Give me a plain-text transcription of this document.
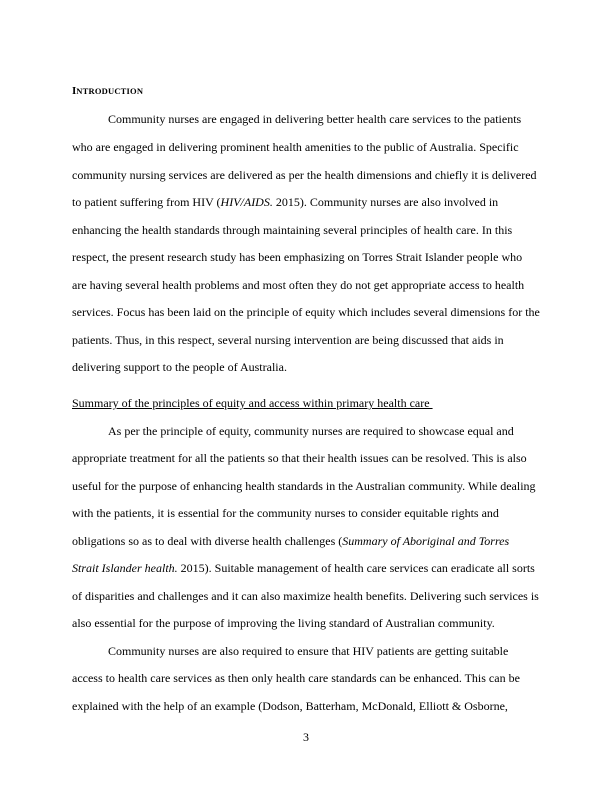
INTRODUCTION
Community nurses are engaged in delivering better health care services to the patients
who are engaged in delivering prominent health amenities to the public of Australia. Specific
community nursing services are delivered as per the health dimensions and chiefly it is delivered
to patient suffering from HIV (HIV/AIDS. 2015). Community nurses are also involved in
enhancing the health standards through maintaining several principles of health care. In this
respect, the present research study has been emphasizing on Torres Strait Islander people who
are having several health problems and most often they do not get appropriate access to health
services. Focus has been laid on the principle of equity which includes several dimensions for the
patients. Thus, in this respect, several nursing intervention are being discussed that aids in
delivering support to the people of Australia.
Summary of the principles of equity and access within primary health care
As per the principle of equity, community nurses are required to showcase equal and
appropriate treatment for all the patients so that their health issues can be resolved. This is also
useful for the purpose of enhancing health standards in the Australian community. While dealing
with the patients, it is essential for the community nurses to consider equitable rights and
obligations so as to deal with diverse health challenges (Summary of Aboriginal and Torres
Strait Islander health. 2015). Suitable management of health care services can eradicate all sorts
of disparities and challenges and it can also maximize health benefits. Delivering such services is
also essential for the purpose of improving the living standard of Australian community.
Community nurses are also required to ensure that HIV patients are getting suitable
access to health care services as then only health care standards can be enhanced. This can be
explained with the help of an example (Dodson, Batterham, McDonald, Elliott & Osborne,
3
